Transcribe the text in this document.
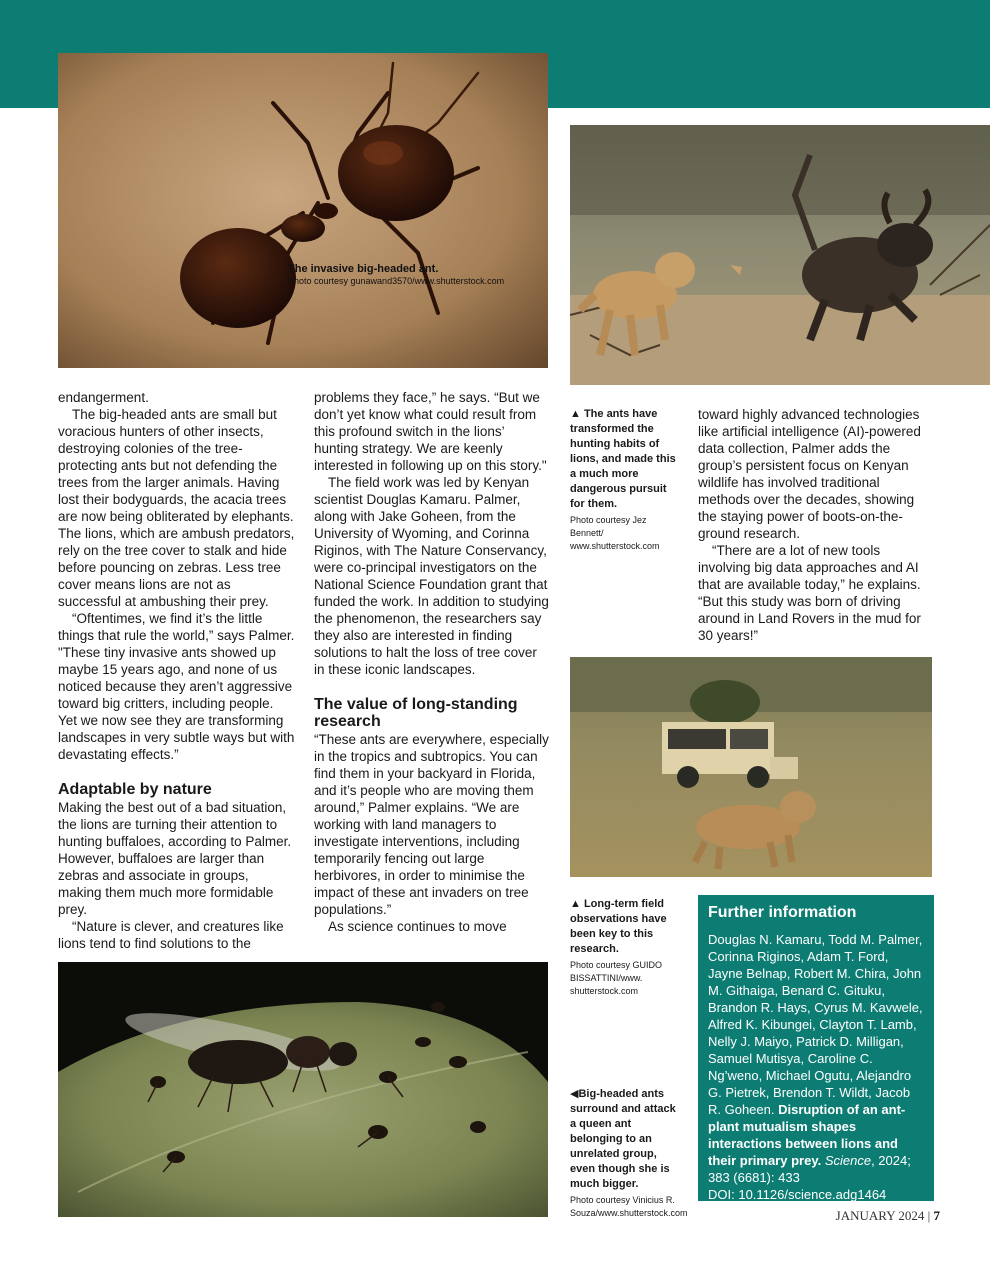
The invasive big-headed ant.
Photo courtesy gunawand3570/www.shutterstock.com

endangerment.

The big-headed ants are small but voracious hunters of other insects, destroying colonies of the tree-protecting ants but not defending the trees from the larger animals. Having lost their bodyguards, the acacia trees are now being obliterated by elephants. The lions, which are ambush predators, rely on the tree cover to stalk and hide before pouncing on zebras. Less tree cover means lions are not as successful at ambushing their prey.

“Oftentimes, we find it’s the little things that rule the world,” says Palmer. "These tiny invasive ants showed up maybe 15 years ago, and none of us noticed because they aren’t aggressive toward big critters, including people. Yet we now see they are transforming landscapes in very subtle ways but with devastating effects.”

Adaptable by nature

Making the best out of a bad situation, the lions are turning their attention to hunting buffaloes, according to Palmer. However, buffaloes are larger than zebras and associate in groups, making them much more formidable prey.

“Nature is clever, and creatures like lions tend to find solutions to the

problems they face,” he says. “But we don’t yet know what could result from this profound switch in the lions’ hunting strategy. We are keenly interested in following up on this story."

The field work was led by Kenyan scientist Douglas Kamaru. Palmer, along with Jake Goheen, from the University of Wyoming, and Corinna Riginos, with The Nature Conservancy, were co-principal investigators on the National Science Foundation grant that funded the work. In addition to studying the phenomenon, the researchers say they also are interested in finding solutions to halt the loss of tree cover in these iconic landscapes.

The value of long-standing research

“These ants are everywhere, especially in the tropics and subtropics. You can find them in your backyard in Florida, and it’s people who are moving them around,” Palmer explains. “We are working with land managers to investigate interventions, including temporarily fencing out large herbivores, in order to minimise the impact of these ant invaders on tree populations.”

As science continues to move

▲ The ants have transformed the hunting habits of lions, and made this a much more dangerous pursuit for them.
Photo courtesy Jez Bennett/ www.shutterstock.com

toward highly advanced technologies like artificial intelligence (AI)-powered data collection, Palmer adds the group’s persistent focus on Kenyan wildlife has involved traditional methods over the decades, showing the staying power of boots-on-the-ground research.

“There are a lot of new tools involving big data approaches and AI that are available today,” he explains. “But this study was born of driving around in Land Rovers in the mud for 30 years!”

▲ Long-term field observations have been key to this research.
Photo courtesy GUIDO BISSATTINI/www. shutterstock.com
◀Big-headed ants surround and attack a queen ant belonging to an unrelated group, even though she is much bigger.
Photo courtesy Vinicius R. Souza/www.shutterstock.com
Further information

Douglas N. Kamaru, Todd M. Palmer, Corinna Riginos, Adam T. Ford, Jayne Belnap, Robert M. Chira, John M. Githaiga, Benard C. Gituku, Brandon R. Hays, Cyrus M. Kavwele, Alfred K. Kibungei, Clayton T. Lamb, Nelly J. Maiyo, Patrick D. Milligan, Samuel Mutisya, Caroline C. Ng’weno, Michael Ogutu, Alejandro G. Pietrek, Brendon T. Wildt, Jacob R. Goheen. Disruption of an ant-plant mutualism shapes interactions between lions and their primary prey. Science, 2024; 383 (6681): 433
DOI: 10.1126/science.adg1464

JANUARY 2024 | 7
